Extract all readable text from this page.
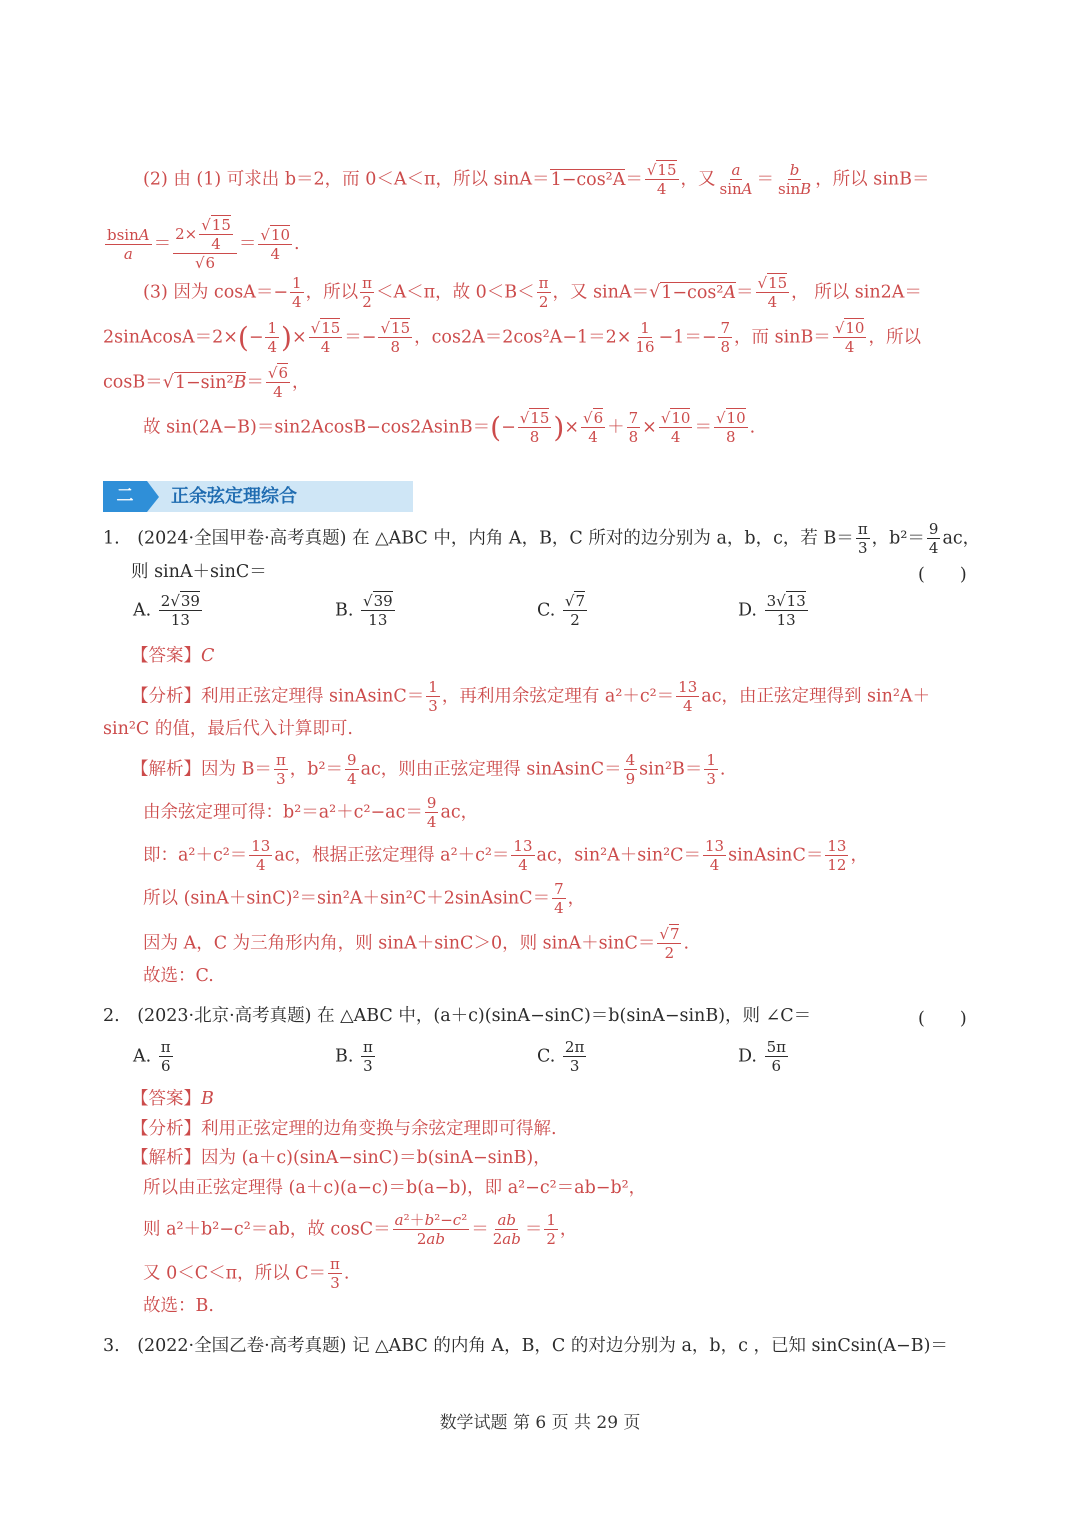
(2) 由 (1) 可求出 b＝2，而 0＜A＜π，所以 $\sin A=1-\cos^2A= \frac{√15}{4}$ ，又 $\frac{a}{\sin A} = \frac{b}{\sin B}$ ，所以 sinB＝
$\frac{bsinA}{a} = \frac{2\times \frac{√15}{4}}{√6} = \frac{√10}{4}$ .
(3) 因为 $\cos A=- \frac{1}{4}$ ，所以 $\frac{\pi}{2} <A<\pi$，故 $0<B< \frac{\pi}{2}$ ，又 $\sin A=√1-\cos^2A= \frac{√15}{4}$ ， 所以 sin2A＝
2sinAcosA＝2×(− $\frac{1}{4}$ )× $\frac{√15}{4} =- \frac{√15}{8}$ ，$\cos 2A=2\cos^2A-1=2\times \frac{1}{16} -1=- \frac{7}{8}$ ，而 $\sin B= \frac{√10}{4}$ ，所以
$\cos B=√1-\sin^2B= \frac{√6}{4}$ ，
故 $\sin(2A-B)=\sin 2AcosB-\cos 2AsinB=(- \frac{√15}{8}$ )× $\frac{√6}{4} + \frac{7}{8} \times \frac{√10}{4} = \frac{√10}{8}$ .
二	正余弦定理综合
1.　(2024·全国甲卷·高考真题) 在 △ABC 中，内角 A，B，C 所对的边分别为 a，b，c，若 $B= \frac{\pi}{3}$ ，$b^2= \frac{9}{4}$ ac，
则 sinA＋sinC＝	(　　)
A. $\frac{2√39}{13}$	B. $\frac{√39}{13}$	C. $\frac{√7}{2}$	D. $\frac{3√13}{13}$
【答案】C
【分析】利用正弦定理得 sinAsinC＝ $\frac{1}{3}$ ，再利用余弦定理有 $a^2+c^2= \frac{13}{4}$ ac，由正弦定理得到 sin²A＋
sin²C 的值，最后代入计算即可.
【解析】因为 $B= \frac{\pi}{3}$ ，$b^2= \frac{9}{4}$ ac，则由正弦定理得 sinAsinC＝ $\frac{4}{9} \sin^2B= \frac{1}{3}$ .
由余弦定理可得：$b^2=a^2+c^2-ac= \frac{9}{4}$ ac，
即：$a^2+c^2= \frac{13}{4}$ ac，根据正弦定理得 $a^2+c^2= \frac{13}{4}$ ac，$\sin^2A+\sin^2C= \frac{13}{4}$ sinAsinC＝ $\frac{13}{12}$ ，
所以 (sinA＋sinC)²＝sin²A＋sin²C＋2sinAsinC＝ $\frac{7}{4}$ ，
因为 A，C 为三角形内角，则 sinA＋sinC＞0，则 $\sin A+\sin C= \frac{√7}{2}$ .
故选：C.
2.　(2023·北京·高考真题) 在 △ABC 中，(a＋c)(sinA−sinC)＝b(sinA−sinB)，则 ∠C＝	(　　)
A. $\frac{\pi}{6}$	B. $\frac{\pi}{3}$	C. $\frac{2\pi}{3}$	D. $\frac{5\pi}{6}$
【答案】B
【分析】利用正弦定理的边角变换与余弦定理即可得解.
【解析】因为 (a＋c)(sinA−sinC)＝b(sinA−sinB)，
所以由正弦定理得 (a＋c)(a−c)＝b(a−b)，即 a²−c²＝ab−b²，
则 a²＋b²−c²＝ab，故 $\cos C= \frac{\text{a²＋b²−c²}}{2ab} = \frac{ab}{2ab} = \frac{1}{2}$ ，
又 0＜C＜π，所以 $C= \frac{\pi}{3}$ .
故选：B.
3.　(2022·全国乙卷·高考真题) 记 △ABC 的内角 A，B，C 的对边分别为 a，b，c ，已知 sinCsin(A−B)＝
数学试题 第 6 页 共 29 页
